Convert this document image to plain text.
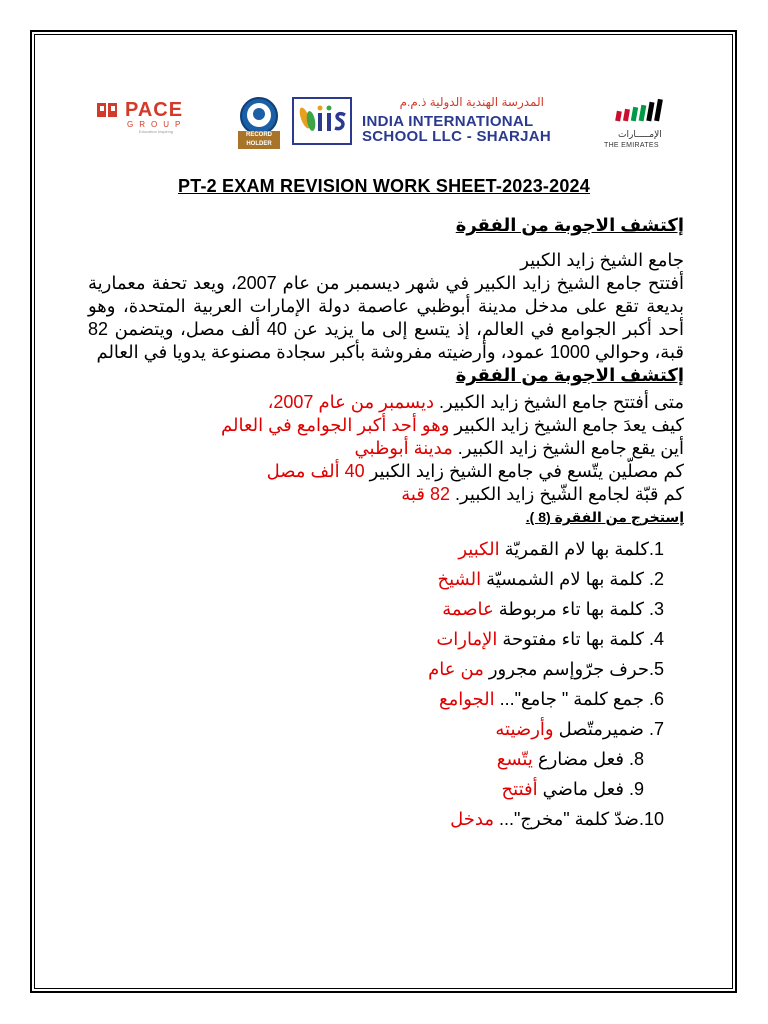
PACE
GROUP
Education Inspiring
RECORD
HOLDER
المدرسة الهندية الدولية ذ.م.م
INDIA INTERNATIONAL
SCHOOL LLC - SHARJAH	الإمـــــارات
THE EMIRATES
PT-2 EXAM REVISION WORK SHEET-2023-2024
إكتشف الاجوبة من الفقرة
جامع الشيخ زايد الكبير
أفتتح جامع الشيخ زايد الكبير في شهر ديسمبر من عام 2007، ويعد تحفة معمارية بديعة تقع على مدخل مدينة أبوظبي عاصمة دولة الإمارات العربية المتحدة، وهو أحد أكبر الجوامع في العالم، إذ يتسع إلى ما يزيد عن 40 ألف مصل، ويتضمن 82 قبة، وحوالي 1000 عمود، وأرضيته مفروشة بأكبر سجادة مصنوعة يدويا في العالم
إكتشف الاجوبة من الفقرة
متى أفتتح جامع الشيخ زايد الكبير. ديسمبر من عام 2007،
كيف يعدَ جامع الشيخ زايد الكبير وهو أحد أكبر الجوامع في العالم
أين يقع جامع الشيخ زايد الكبير. مدينة أبوظبي
كم مصلّين يتّسع في جامع الشيخ زايد الكبير 40 ألف مصل
كم قبّة لجامع الشّيخ زايد الكبير. 82 قبة
إستخرج من الفقرة (8 ).
1.كلمة بها لام القمريّة الكبير
2. كلمة بها لام الشمسيّة الشيخ
3. كلمة بها تاء مربوطة عاصمة
4. كلمة بها تاء مفتوحة الإمارات
5.حرف جرّوإسم مجرور من عام
6. جمع كلمة " جامع"... الجوامع
7. ضميرمتّصل وأرضيته
8. فعل مضارع يتّسع
9. فعل ماضي أفتتح
10.ضدّ كلمة "مخرج"... مدخل
